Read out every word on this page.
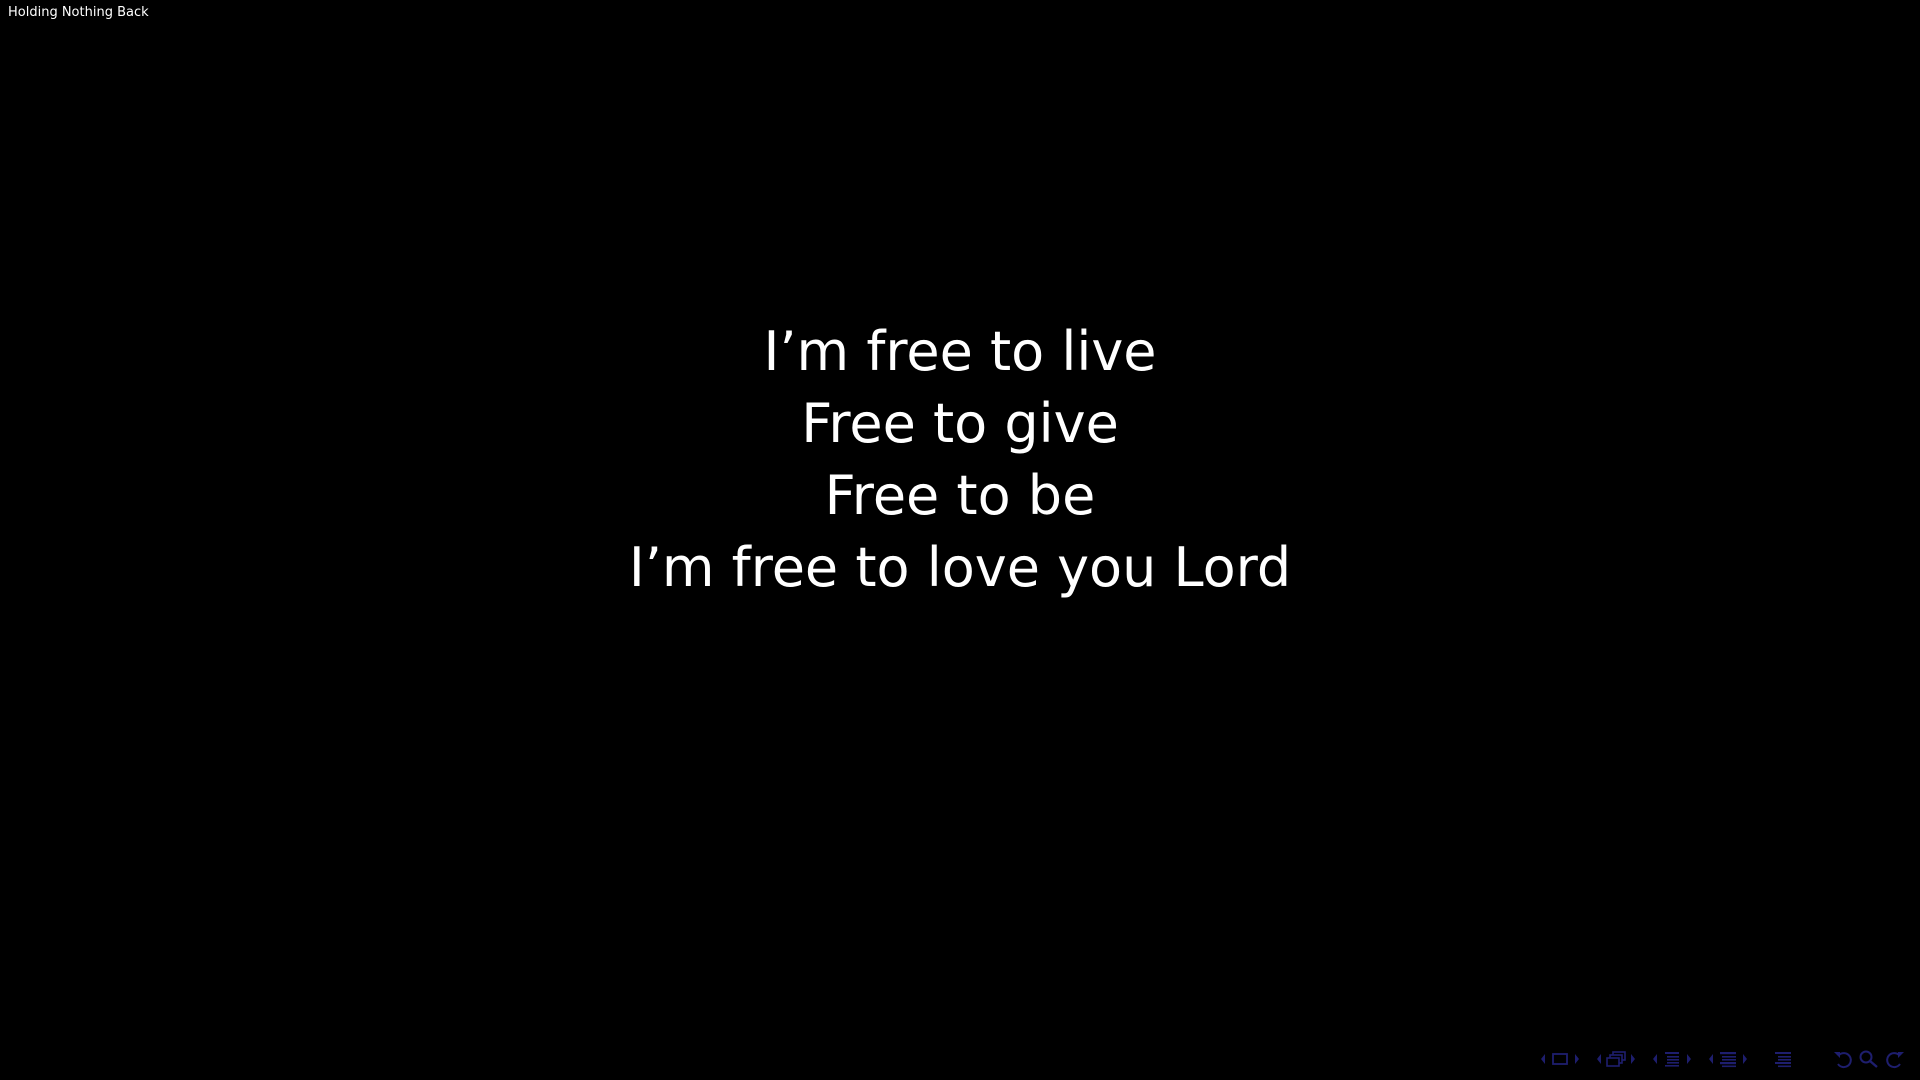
Holding Nothing Back
I’m free to live
Free to give
Free to be
I’m free to love you Lord
